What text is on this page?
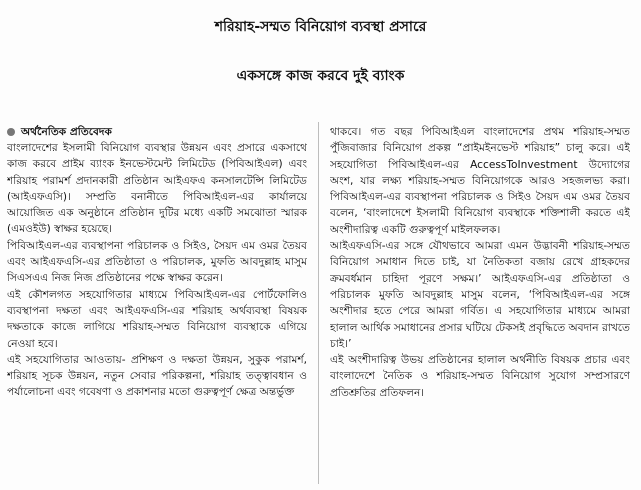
শরিয়াহ-সম্মত বিনিয়োগ ব্যবস্থা প্রসারে
একসঙ্গে কাজ করবে দুই ব্যাংক
অর্থনৈতিক প্রতিবেদক

বাংলাদেশের ইসলামী বিনিয়োগ ব্যবস্থার উন্নয়ন এবং প্রসারে একসাথে কাজ করবে প্রাইম ব্যাংক ইনভেস্টমেন্ট লিমিটেড (পিবিআইএল) এবং শরিয়াহ পরামর্শ প্রদানকারী প্রতিষ্ঠান আইএফএ কনসালটেন্সি লিমিটেড (আইএফএসি)। সম্প্রতি বনানীতে পিবিআইএল-এর কার্যালয়ে আয়োজিত এক অনুষ্ঠানে প্রতিষ্ঠান দুটির মধ্যে একটি সমঝোতা স্মারক (এমওইউ) স্বাক্ষর হয়েছে।

পিবিআইএল-এর ব্যবস্থাপনা পরিচালক ও সিইও, সৈয়দ এম ওমর তৈয়ব এবং আইএফএসি-এর প্রতিষ্ঠাতা ও পরিচালক, মুফতি আবদুল্লাহ মাসুম সিএসএএ নিজ নিজ প্রতিষ্ঠানের পক্ষে স্বাক্ষর করেন।

এই কৌশলগত সহযোগিতার মাধ্যমে পিবিআইএল-এর পোর্টফোলিও ব্যবস্থাপনা দক্ষতা এবং আইএফএসি-এর শরিয়াহ অর্থব্যবস্থা বিষয়ক দক্ষতাকে কাজে লাগিয়ে শরিয়াহ-সম্মত বিনিয়োগ ব্যবস্থাকে এগিয়ে নেওয়া হবে।

এই সহযোগিতার আওতায়- প্রশিক্ষণ ও দক্ষতা উন্নয়ন, সুকুক পরামর্শ, শরিয়াহ সূচক উন্নয়ন, নতুন সেবার পরিকল্পনা, শরিয়াহ তত্ত্বাবধান ও পর্যালোচনা এবং গবেষণা ও প্রকাশনার মতো গুরুত্বপূর্ণ ক্ষেত্র অন্তর্ভুক্ত

থাকবে। গত বছর পিবিআইএল বাংলাদেশের প্রথম শরিয়াহ-সম্মত পুঁজিবাজার বিনিয়োগ প্রকল্প “প্রাইমইনভেস্ট শরিয়াহ” চালু করে। এই সহযোগিতা পিবিআইএল-এর AccessToInvestment উদ্যোগের অংশ, যার লক্ষ্য শরিয়াহ-সম্মত বিনিয়োগকে আরও সহজলভ্য করা। পিবিআইএল-এর ব্যবস্থাপনা পরিচালক ও সিইও সৈয়দ এম ওমর তৈয়ব বলেন, ‘বাংলাদেশে ইসলামী বিনিয়োগ ব্যবস্থাকে শক্তিশালী করতে এই অংশীদারিত্ব একটি গুরুত্বপূর্ণ মাইলফলক।

আইএফএসি-এর সঙ্গে যৌথভাবে আমরা এমন উদ্ভাবনী শরিয়াহ-সম্মত বিনিয়োগ সমাধান দিতে চাই, যা নৈতিকতা বজায় রেখে গ্রাহকদের ক্রমবর্ধমান চাহিদা পূরণে সক্ষম।’ আইএফএসি-এর প্রতিষ্ঠাতা ও পরিচালক মুফতি আবদুল্লাহ মাসুম বলেন, ‘পিবিআইএল-এর সঙ্গে অংশীদার হতে পেরে আমরা গর্বিত। এ সহযোগিতার মাধ্যমে আমরা হালাল আর্থিক সমাধানের প্রসার ঘটিয়ে টেকসই প্রবৃদ্ধিতে অবদান রাখতে চাই।’

এই অংশীদারিত্ব উভয় প্রতিষ্ঠানের হালাল অর্থনীতি বিষয়ক প্রচার এবং বাংলাদেশে নৈতিক ও শরিয়াহ-সম্মত বিনিয়োগ সুযোগ সম্প্রসারণে প্রতিশ্রুতির প্রতিফলন।
